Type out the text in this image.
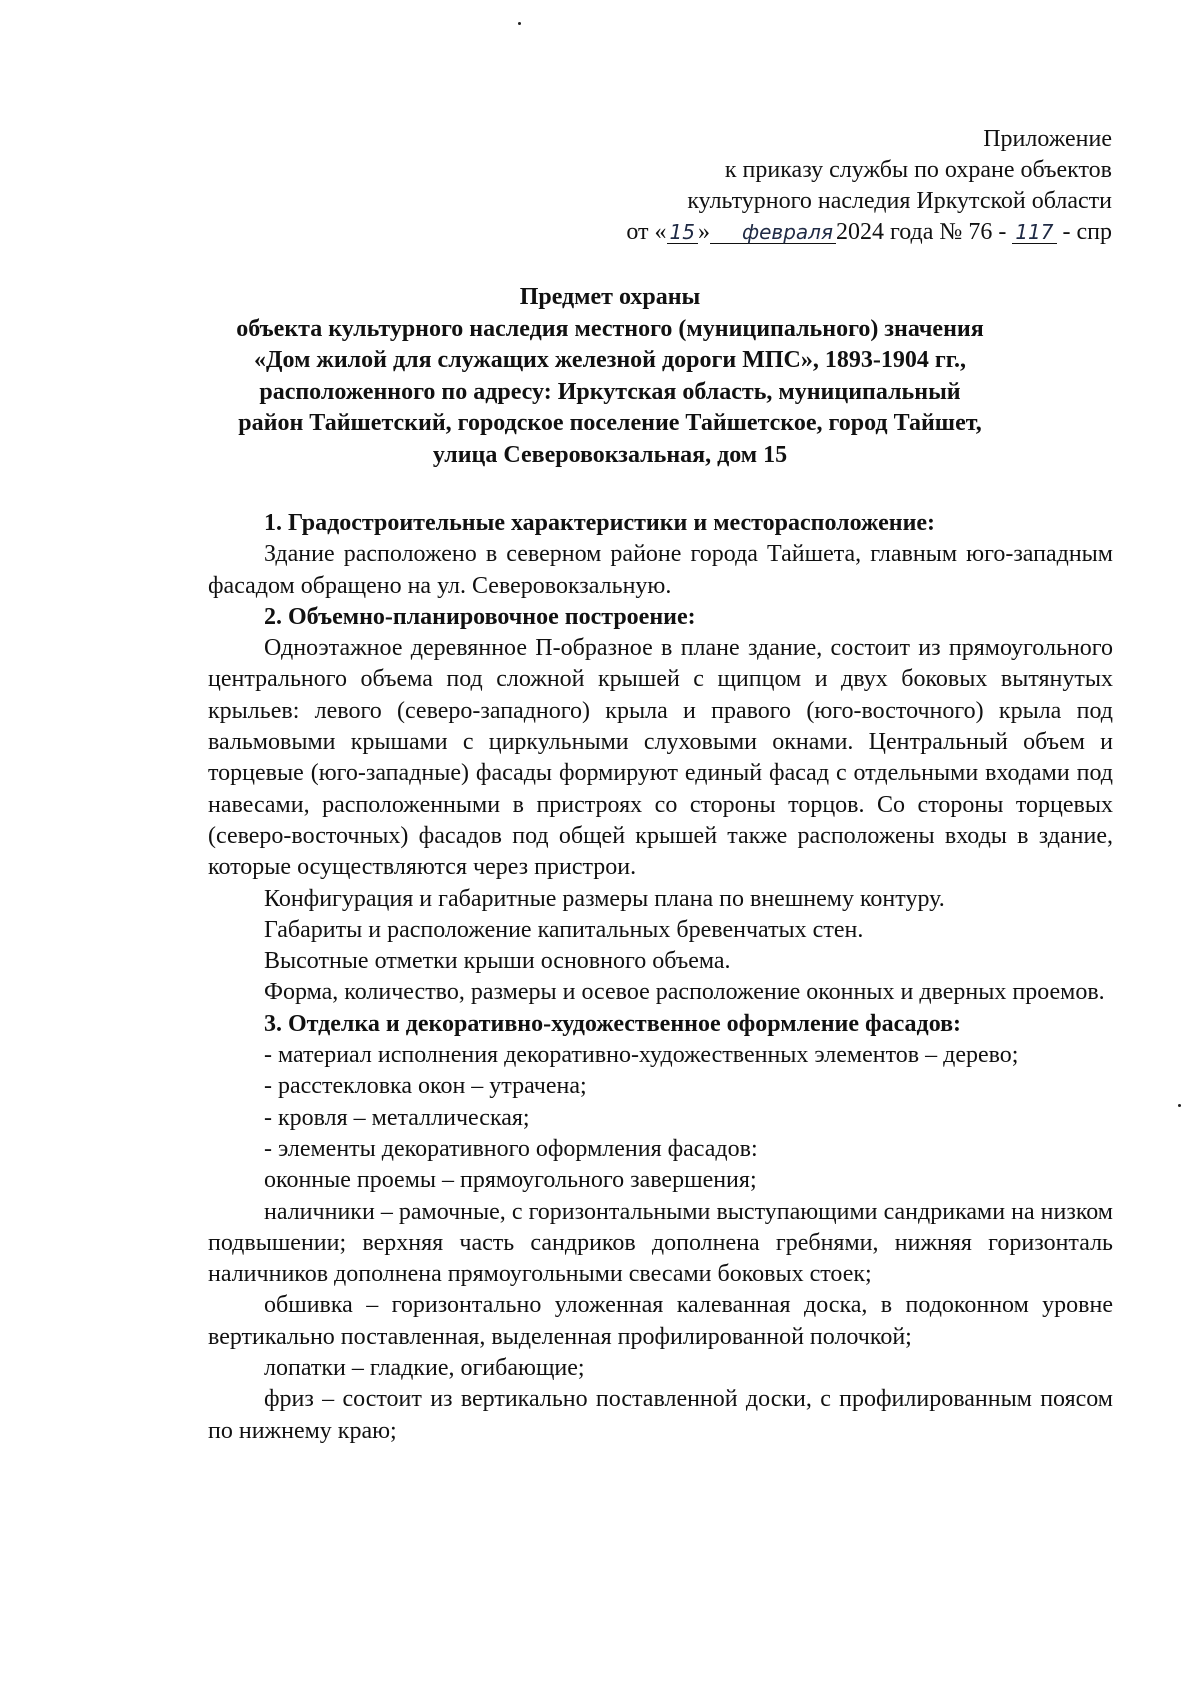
Приложение
к приказу службы по охране объектов
культурного наследия Иркутской области
от « 15 » февраля 2024 года № 76 - 117 - спр
Предмет охраны
объекта культурного наследия местного (муниципального) значения
«Дом жилой для служащих железной дороги МПС», 1893-1904 гг.,
расположенного по адресу: Иркутская область, муниципальный
район Тайшетский, городское поселение Тайшетское, город Тайшет,
улица Северовокзальная, дом 15

1. Градостроительные характеристики и месторасположение:

Здание расположено в северном районе города Тайшета, главным юго-западным фасадом обращено на ул. Северовокзальную.

2. Объемно-планировочное построение:

Одноэтажное деревянное П-образное в плане здание, состоит из прямоугольного центрального объема под сложной крышей с щипцом и двух боковых вытянутых крыльев: левого (северо-западного) крыла и правого (юго-восточного) крыла под вальмовыми крышами с циркульными слуховыми окнами. Центральный объем и торцевые (юго-западные) фасады формируют единый фасад с отдельными входами под навесами, расположенными в пристроях со стороны торцов. Со стороны торцевых (северо-восточных) фасадов под общей крышей также расположены входы в здание, которые осуществляются через пристрои.

Конфигурация и габаритные размеры плана по внешнему контуру.

Габариты и расположение капитальных бревенчатых стен.

Высотные отметки крыши основного объема.

Форма, количество, размеры и осевое расположение оконных и дверных проемов.

3. Отделка и декоративно-художественное оформление фасадов:

- материал исполнения декоративно-художественных элементов – дерево;

- расстекловка окон – утрачена;

- кровля – металлическая;

- элементы декоративного оформления фасадов:

оконные проемы – прямоугольного завершения;

наличники – рамочные, с горизонтальными выступающими сандриками на низком подвышении; верхняя часть сандриков дополнена гребнями, нижняя горизонталь наличников дополнена прямоугольными свесами боковых стоек;

обшивка – горизонтально уложенная калеванная доска, в подоконном уровне вертикально поставленная, выделенная профилированной полочкой;

лопатки – гладкие, огибающие;

фриз – состоит из вертикально поставленной доски, с профилированным поясом по нижнему краю;
